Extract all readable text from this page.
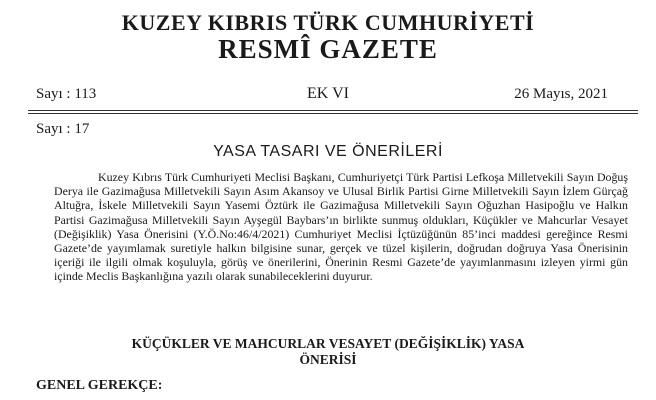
KUZEY KIBRIS TÜRK CUMHURİYETİ
RESMÎ GAZETE
Sayı : 113	EK VI	26 Mayıs, 2021
Sayı : 17
YASA TASARI VE ÖNERİLERİ
Kuzey Kıbrıs Türk Cumhuriyeti Meclisi Başkanı, Cumhuriyetçi Türk Partisi Lefkoşa Milletvekili Sayın Doğuş Derya ile Gazimağusa Milletvekili Sayın Asım Akansoy ve Ulusal Birlik Partisi Girne Milletvekili Sayın İzlem Gürçağ Altuğra, İskele Milletvekili Sayın Yasemi Öztürk ile Gazimağusa Milletvekili Sayın Oğuzhan Hasipoğlu ve Halkın Partisi Gazimağusa Milletvekili Sayın Ayşegül Baybars’ın birlikte sunmuş oldukları, Küçükler ve Mahcurlar Vesayet (Değişiklik) Yasa Önerisini (Y.Ö.No:46/4/2021) Cumhuriyet Meclisi İçtüzüğünün 85’inci maddesi gereğince Resmi Gazete’de yayımlamak suretiyle halkın bilgisine sunar, gerçek ve tüzel kişilerin, doğrudan doğruya Yasa Önerisinin içeriği ile ilgili olmak koşuluyla, görüş ve önerilerini, Önerinin Resmi Gazete’de yayımlanmasını izleyen yirmi gün içinde Meclis Başkanlığına yazılı olarak sunabileceklerini duyurur.
KÜÇÜKLER VE MAHCURLAR VESAYET (DEĞİŞİKLİK) YASA
ÖNERİSİ
GENEL GEREKÇE:
